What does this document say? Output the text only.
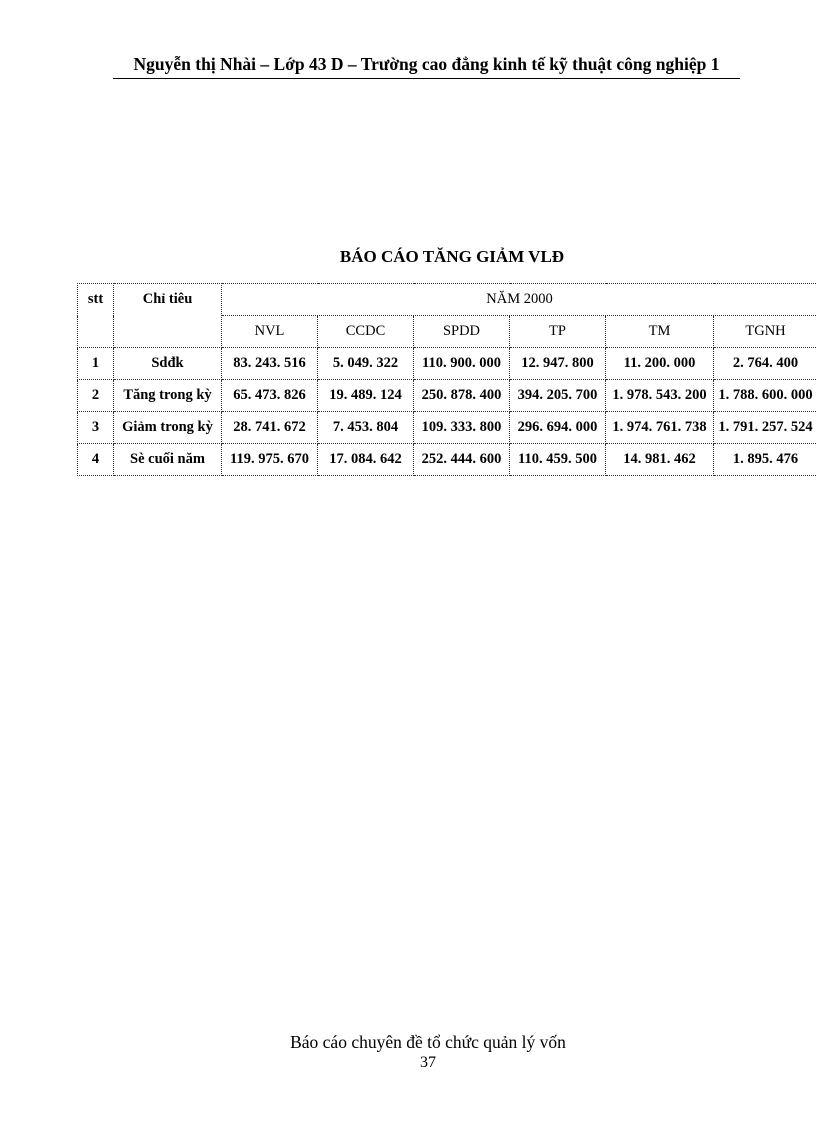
Nguyễn thị Nhài – Lớp 43 D – Trường cao đẳng kinh tế kỹ thuật công nghiệp 1
BÁO CÁO TĂNG GIẢM VLĐ
stt	Chỉ tiêu	NĂM 2000					
		NVL	CCDC	SPDD	TP	TM	TGNH
1	Sdđk	83. 243. 516	5. 049. 322	110. 900. 000	12. 947. 800	11. 200. 000	2. 764. 400
2	Tăng trong kỳ	65. 473. 826	19. 489. 124	250. 878. 400	394. 205. 700	1. 978. 543. 200	1. 788. 600. 000
3	Giảm trong kỳ	28. 741. 672	7. 453. 804	109. 333. 800	296. 694. 000	1. 974. 761. 738	1. 791. 257. 524
4	Sè cuối năm	119. 975. 670	17. 084. 642	252. 444. 600	110. 459. 500	14. 981. 462	1. 895. 476
Báo cáo chuyên đề tổ chức quản lý vốn
37
